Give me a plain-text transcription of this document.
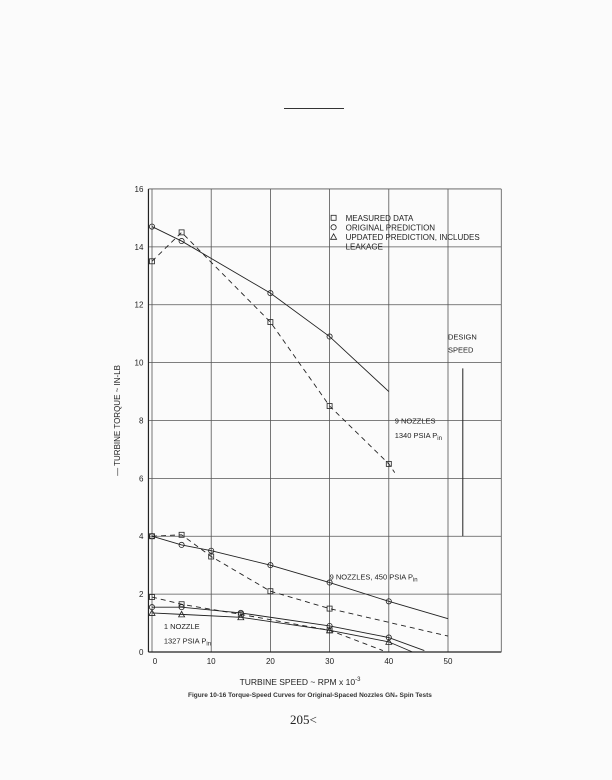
0	10	20	30	40	50
0
2
4
6
8
10
12
14
16
TURBINE SPEED ~ RPM x $10^{-3}$
— TURBINE TORQUE ~ IN-LB
MEASURED DATA
ORIGINAL PREDICTION
UPDATED PREDICTION, INCLUDES
LEAKAGE
9 NOZZLES
1340 PSIA $P_{in}$
9 NOZZLES, 450 PSIA $P_{in}$
1 NOZZLE
1327 PSIA $P_{in}$
DESIGN
SPEED
Figure 10-16 Torque-Speed Curves for Original-Spaced Nozzles GN₂ Spin Tests
205<
